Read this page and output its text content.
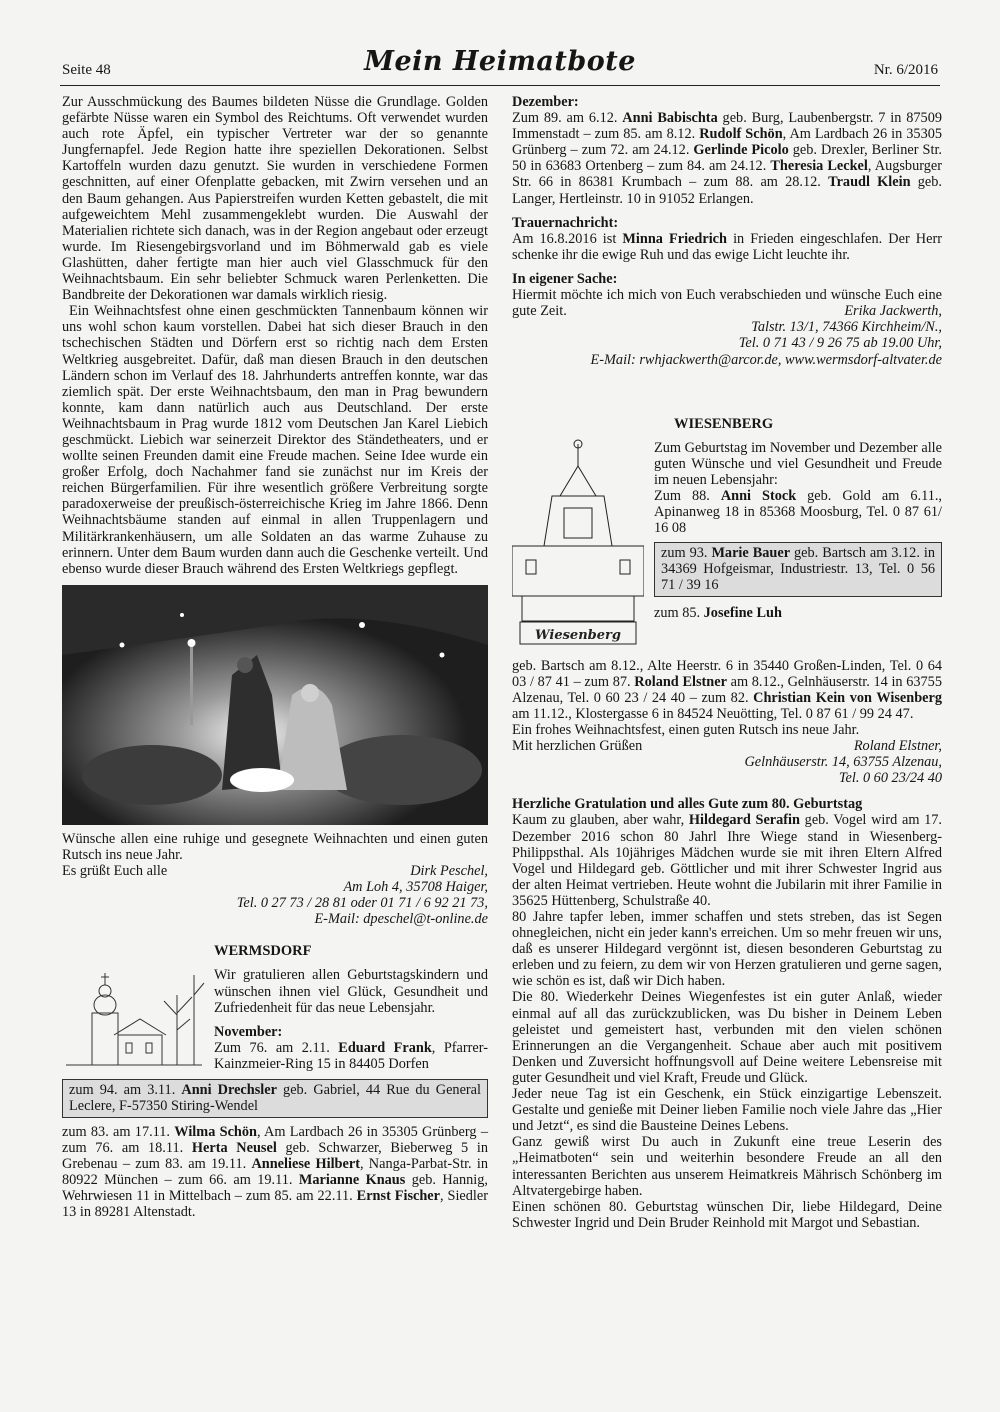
Seite 48	Mein Heimatbote	Nr. 6/2016

Zur Ausschmückung des Baumes bildeten Nüsse die Grundlage. Golden gefärbte Nüsse waren ein Symbol des Reichtums. Oft verwendet wurden auch rote Äpfel, ein typischer Vertreter war der so genannte Jungfernapfel. Jede Region hatte ihre speziellen Dekorationen. Selbst Kartoffeln wurden dazu genutzt. Sie wurden in verschiedene Formen geschnitten, auf einer Ofenplatte gebacken, mit Zwirn versehen und an den Baum gehangen. Aus Papierstreifen wurden Ketten gebastelt, die mit aufgeweichtem Mehl zusammengeklebt wurden. Die Auswahl der Materialien richtete sich danach, was in der Region angebaut oder erzeugt wurde. Im Riesengebirgsvorland und im Böhmerwald gab es viele Glashütten, daher fertigte man hier auch viel Glasschmuck für den Weihnachtsbaum. Ein sehr beliebter Schmuck waren Perlenketten. Die Bandbreite der Dekorationen war damals wirklich riesig.

Ein Weihnachtsfest ohne einen geschmückten Tannenbaum können wir uns wohl schon kaum vorstellen. Dabei hat sich dieser Brauch in den tschechischen Städten und Dörfern erst so richtig nach dem Ersten Weltkrieg ausgebreitet. Dafür, daß man diesen Brauch in den deutschen Ländern schon im Verlauf des 18. Jahrhunderts antreffen konnte, war das ziemlich spät. Der erste Weihnachtsbaum, den man in Prag bewundern konnte, kam dann natürlich auch aus Deutschland. Der erste Weihnachtsbaum in Prag wurde 1812 vom Deutschen Jan Karel Liebich geschmückt. Liebich war seinerzeit Direktor des Ständetheaters, und er wollte seinen Freunden damit eine Freude machen. Seine Idee wurde ein großer Erfolg, doch Nachahmer fand sie zunächst nur im Kreis der reichen Bürgerfamilien. Für ihre wesentlich größere Verbreitung sorgte paradoxerweise der preußisch-österreichische Krieg im Jahre 1866. Denn Weihnachtsbäume standen auf einmal in allen Truppenlagern und Militärkrankenhäusern, um alle Soldaten an das warme Zuhause zu erinnern. Unter dem Baum wurden dann auch die Geschenke verteilt. Und ebenso wurde dieser Brauch während des Ersten Weltkriegs gepflegt.

Wünsche allen eine ruhige und gesegnete Weihnachten und einen guten Rutsch ins neue Jahr.

Es grüßt Euch alle	Dirk Peschel,

Am Loh 4, 35708 Haiger,

Tel. 0 27 73 / 28 81 oder 01 71 / 6 92 21 73,

E-Mail: dpeschel@t-online.de

WERMSDORF

Wir gratulieren allen Geburtstagskindern und wünschen ihnen viel Glück, Gesundheit und Zufriedenheit für das neue Lebensjahr.

November:

Zum 76. am 2.11. Eduard Frank, Pfarrer-Kainzmeier-Ring 15 in 84405 Dorfen

zum 94. am 3.11. Anni Drechsler geb. Gabriel, 44 Rue du General Leclere, F-57350 Stiring-Wendel

zum 83. am 17.11. Wilma Schön, Am Lardbach 26 in 35305 Grünberg – zum 76. am 18.11. Herta Neusel geb. Schwarzer, Bieberweg 5 in Grebenau – zum 83. am 19.11. Anneliese Hilbert, Nanga-Parbat-Str. in 80922 München – zum 66. am 19.11. Marianne Knaus geb. Hannig, Wehrwiesen 11 in Mittelbach – zum 85. am 22.11. Ernst Fischer, Siedler 13 in 89281 Altenstadt.

Dezember:

Zum 89. am 6.12. Anni Babischta geb. Burg, Laubenbergstr. 7 in 87509 Immenstadt – zum 85. am 8.12. Rudolf Schön, Am Lardbach 26 in 35305 Grünberg – zum 72. am 24.12. Gerlinde Picolo geb. Drexler, Berliner Str. 50 in 63683 Ortenberg – zum 84. am 24.12. Theresia Leckel, Augsburger Str. 66 in 86381 Krumbach – zum 88. am 28.12. Traudl Klein geb. Langer, Hertleinstr. 10 in 91052 Erlangen.

Trauernachricht:

Am 16.8.2016 ist Minna Friedrich in Frieden eingeschlafen. Der Herr schenke ihr die ewige Ruh und das ewige Licht leuchte ihr.

In eigener Sache:

Hiermit möchte ich mich von Euch verabschieden und wünsche Euch eine gute Zeit.	Erika Jackwerth,

Talstr. 13/1, 74366 Kirchheim/N.,

Tel. 0 71 43 / 9 26 75 ab 19.00 Uhr,

E-Mail: rwhjackwerth@arcor.de, www.wermsdorf-altvater.de

Wiesenberg

WIESENBERG

Zum Geburtstag im November und Dezember alle guten Wünsche und viel Gesundheit und Freude im neuen Lebensjahr:

Zum 88. Anni Stock geb. Gold am 6.11., Apinanweg 18 in 85368 Moosburg, Tel. 0 87 61/ 16 08

zum 93. Marie Bauer geb. Bartsch am 3.12. in 34369 Hofgeismar, Industriestr. 13, Tel. 0 56 71 / 39 16

zum 85. Josefine Luh

geb. Bartsch am 8.12., Alte Heerstr. 6 in 35440 Großen-Linden, Tel. 0 64 03 / 87 41 – zum 87. Roland Elstner am 8.12., Gelnhäuserstr. 14 in 63755 Alzenau, Tel. 0 60 23 / 24 40 – zum 82. Christian Kein von Wisenberg am 11.12., Klostergasse 6 in 84524 Neuötting, Tel. 0 87 61 / 99 24 47.

Ein frohes Weihnachtsfest, einen guten Rutsch ins neue Jahr.

Mit herzlichen Grüßen	Roland Elstner,

Gelnhäuserstr. 14, 63755 Alzenau,

Tel. 0 60 23/24 40

Herzliche Gratulation und alles Gute zum 80. Geburtstag

Kaum zu glauben, aber wahr, Hildegard Serafin geb. Vogel wird am 17. Dezember 2016 schon 80 Jahrl Ihre Wiege stand in Wiesenberg-Philippsthal. Als 10jähriges Mädchen wurde sie mit ihren Eltern Alfred Vogel und Hildegard geb. Göttlicher und mit ihrer Schwester Ingrid aus der alten Heimat vertrieben. Heute wohnt die Jubilarin mit ihrer Familie in 35625 Hüttenberg, Schulstraße 40.

80 Jahre tapfer leben, immer schaffen und stets streben, das ist Segen ohnegleichen, nicht ein jeder kann's erreichen. Um so mehr freuen wir uns, daß es unserer Hildegard vergönnt ist, diesen besonderen Geburtstag zu erleben und zu feiern, zu dem wir von Herzen gratulieren und gerne sagen, wie schön es ist, daß wir Dich haben.

Die 80. Wiederkehr Deines Wiegenfestes ist ein guter Anlaß, wieder einmal auf all das zurückzublicken, was Du bisher in Deinem Leben geleistet und gemeistert hast, verbunden mit den vielen schönen Erinnerungen an die Vergangenheit. Schaue aber auch mit positivem Denken und Zuversicht hoffnungsvoll auf Deine weitere Lebensreise mit guter Gesundheit und viel Kraft, Freude und Glück.

Jeder neue Tag ist ein Geschenk, ein Stück einzigartige Lebenszeit. Gestalte und genieße mit Deiner lieben Familie noch viele Jahre das „Hier und Jetzt“, es sind die Bausteine Deines Lebens.

Ganz gewiß wirst Du auch in Zukunft eine treue Leserin des „Heimatboten“ sein und weiterhin besondere Freude an all den interessanten Berichten aus unserem Heimatkreis Mährisch Schönberg im Altvatergebirge haben.

Einen schönen 80. Geburtstag wünschen Dir, liebe Hildegard, Deine Schwester Ingrid und Dein Bruder Reinhold mit Margot und Sebastian.
